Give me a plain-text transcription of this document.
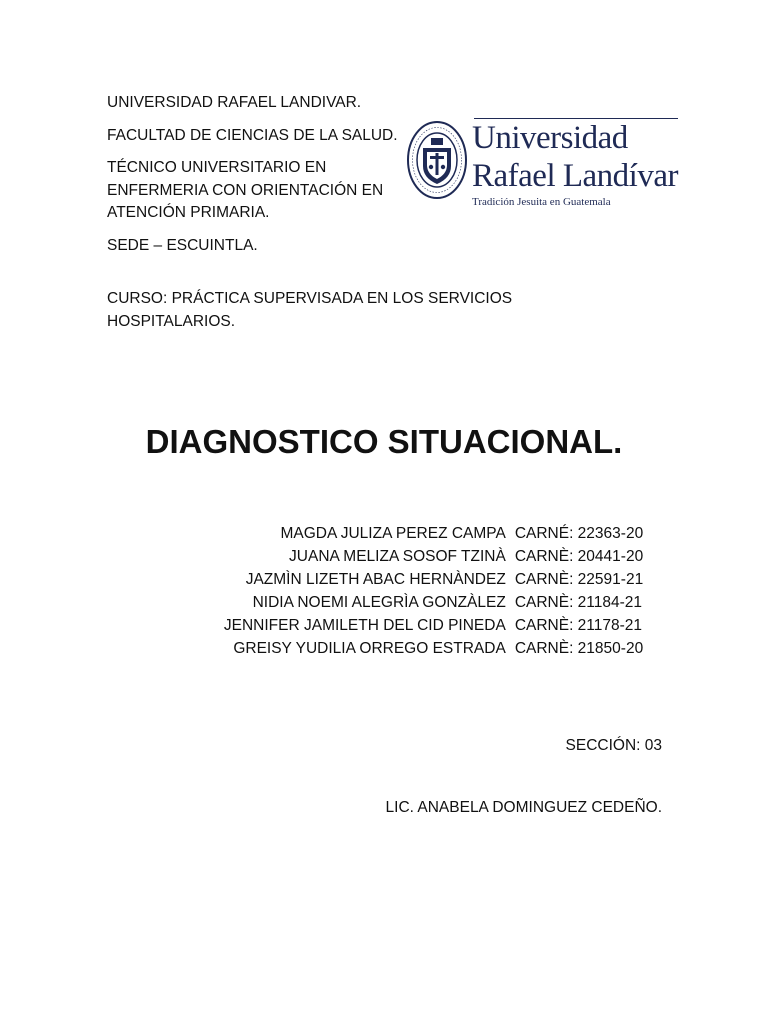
UNIVERSIDAD RAFAEL LANDIVAR.

FACULTAD DE CIENCIAS DE LA SALUD.

TÉCNICO UNIVERSITARIO EN ENFERMERIA CON ORIENTACIÓN EN ATENCIÓN PRIMARIA.

SEDE – ESCUINTLA.

CURSO: PRÁCTICA SUPERVISADA EN LOS SERVICIOS HOSPITALARIOS.

Universidad
Rafael Landívar
Tradición Jesuita en Guatemala
DIAGNOSTICO SITUACIONAL.
MAGDA JULIZA PEREZ CAMPA CARNÉ: 22363-20
JUANA MELIZA SOSOF TZINÀ CARNÈ: 20441-20
JAZMÌN LIZETH ABAC HERNÀNDEZ CARNÈ: 22591-21
NIDIA NOEMI ALEGRÌA GONZÀLEZ CARNÈ: 21184-21
JENNIFER JAMILETH DEL CID PINEDA CARNÈ: 21178-21
GREISY YUDILIA ORREGO ESTRADA CARNÈ: 21850-20
SECCIÓN: 03
LIC. ANABELA DOMINGUEZ CEDEÑO.
